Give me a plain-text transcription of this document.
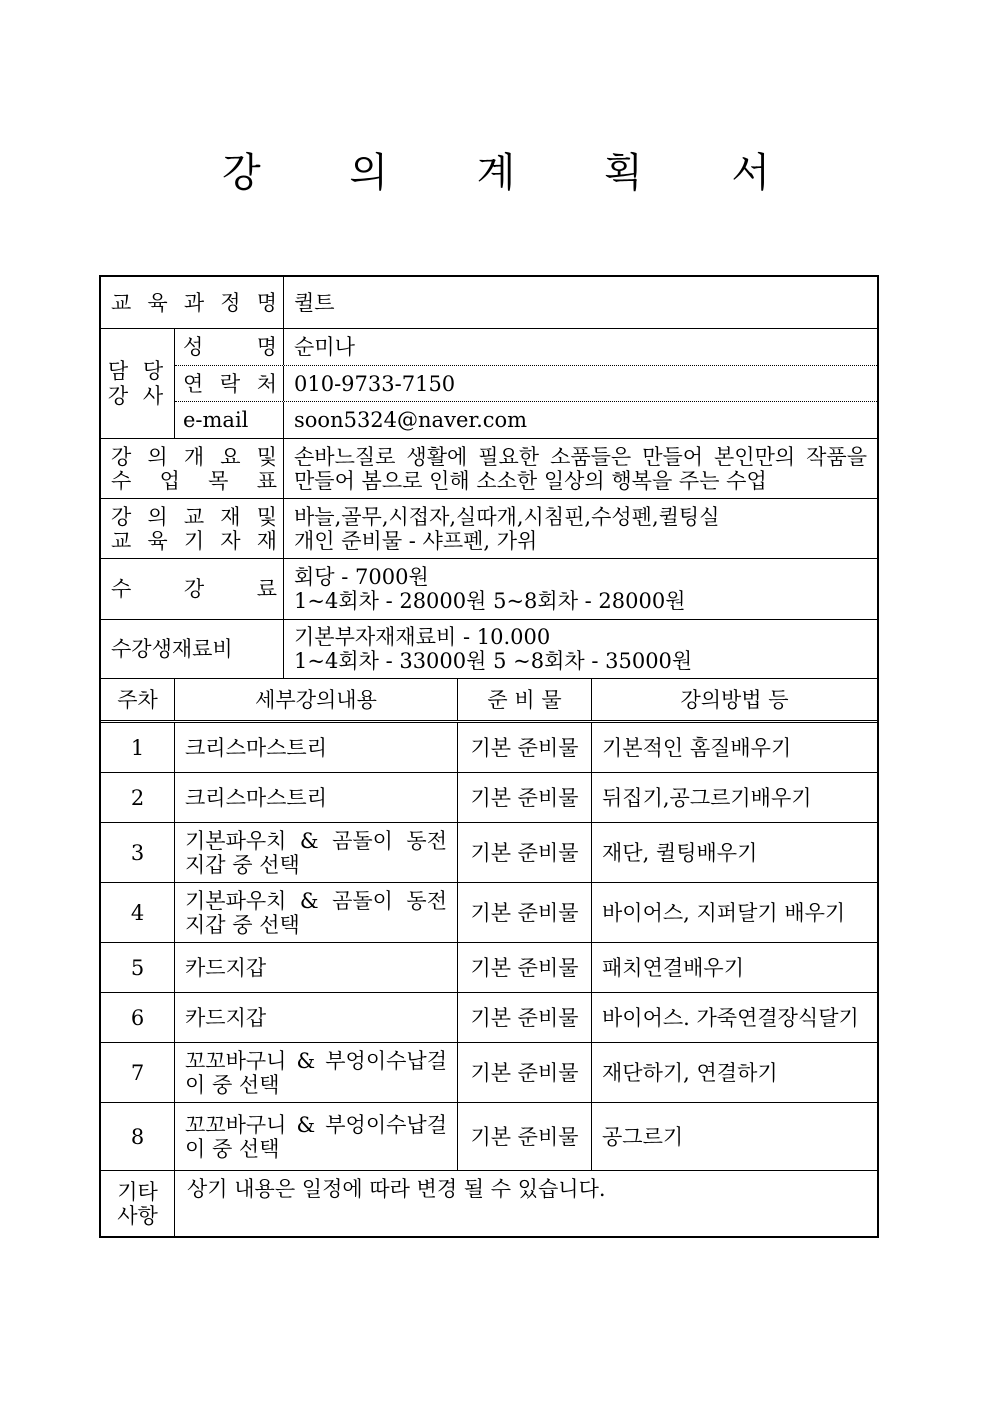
강 의 계 획 서
교 육 과 정 명 퀼트
담 당
강 사
성 명 순미나
연 락 처 010-9733-7150
e-mail	soon5324@naver.com
강 의 개 요 및
수 업 목 표
손바느질로 생활에 필요한 소품들은 만들어 본인만의 작품을
만들어 봄으로 인해 소소한 일상의 행복을 주는 수업
강 의 교 재 및
교 육 기 자 재
바늘,골무,시접자,실따개,시침핀,수성펜,퀼팅실
개인 준비물 - 샤프펜, 가위
수 강 료 회당 - 7000원
1~4회차 - 28000원 5~8회차 - 28000원
수강생재료비	기본부자재재료비 - 10.000
1~4회차 - 33000원 5 ~8회차 - 35000원
주차	세부강의내용	준 비 물	강의방법 등
1	크리스마스트리	기본 준비물	기본적인 홈질배우기
2	크리스마스트리	기본 준비물	뒤집기,공그르기배우기
3	기본파우치 & 곰돌이 동전
지갑 중 선택	기본 준비물	재단, 퀼팅배우기
4	기본파우치 & 곰돌이 동전
지갑 중 선택	기본 준비물	바이어스, 지퍼달기 배우기
5	카드지갑	기본 준비물	패치연결배우기
6	카드지갑	기본 준비물	바이어스. 가죽연결장식달기
7	꼬꼬바구니 & 부엉이수납걸
이 중 선택	기본 준비물	재단하기, 연결하기
8	꼬꼬바구니 & 부엉이수납걸
이 중 선택	기본 준비물	공그르기
기타
사항
상기 내용은 일정에 따라 변경 될 수 있습니다.
